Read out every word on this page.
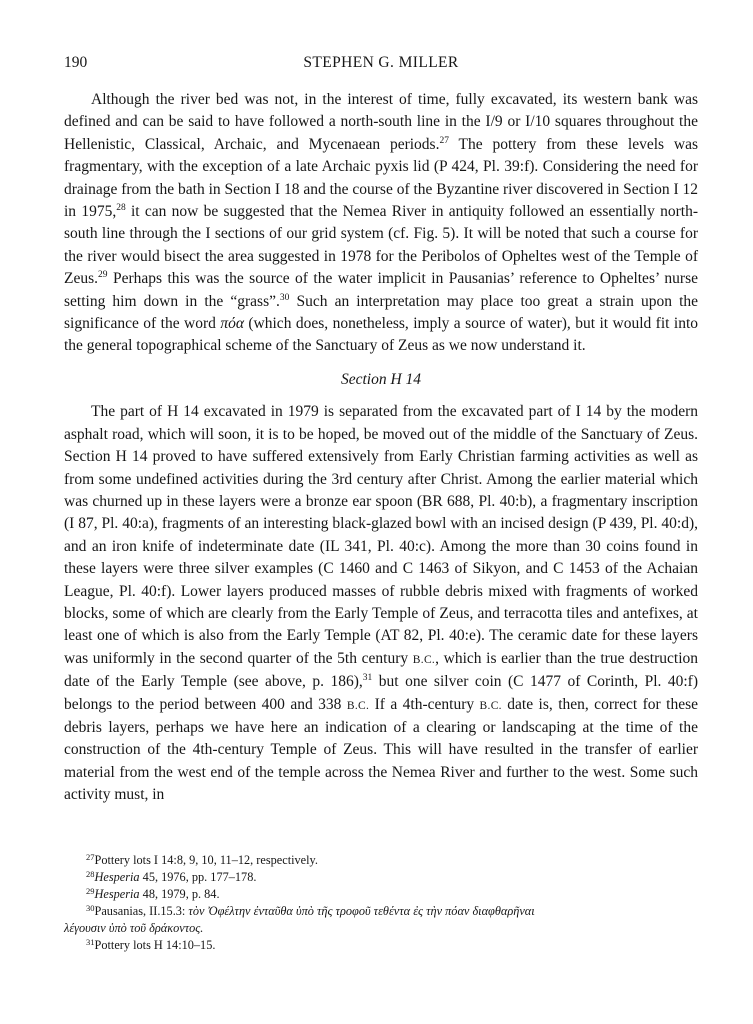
190	STEPHEN G. MILLER

Although the river bed was not, in the interest of time, fully excavated, its western bank was defined and can be said to have followed a north-south line in the I/9 or I/10 squares throughout the Hellenistic, Classical, Archaic, and Mycenaean periods.$^{27}$ The pottery from these levels was fragmentary, with the exception of a late Archaic pyxis lid (P 424, Pl. 39:f). Considering the need for drainage from the bath in Section I 18 and the course of the Byzantine river discovered in Section I 12 in 1975,28 it can now be suggested that the Nemea River in antiquity followed an essentially north-south line through the I sections of our grid system (cf. Fig. 5). It will be noted that such a course for the river would bisect the area suggested in 1978 for the Peribolos of Opheltes west of the Temple of Zeus.$^{29}$ Perhaps this was the source of the water implicit in Pausanias’ reference to Opheltes’ nurse setting him down in the “grass”.$^{30}$ Such an interpretation may place too great a strain upon the significance of the word πόα (which does, nonetheless, imply a source of water), but it would fit into the general topographical scheme of the Sanctuary of Zeus as we now understand it.

Section H 14

The part of H 14 excavated in 1979 is separated from the excavated part of I 14 by the modern asphalt road, which will soon, it is to be hoped, be moved out of the middle of the Sanctuary of Zeus. Section H 14 proved to have suffered extensively from Early Christian farming activities as well as from some undefined activities during the 3rd century after Christ. Among the earlier material which was churned up in these layers were a bronze ear spoon (BR 688, Pl. 40:b), a fragmentary inscription (I 87, Pl. 40:a), fragments of an interesting black-glazed bowl with an incised design (P 439, Pl. 40:d), and an iron knife of indeterminate date (IL 341, Pl. 40:c). Among the more than 30 coins found in these layers were three silver examples (C 1460 and C 1463 of Sikyon, and C 1453 of the Achaian League, Pl. 40:f). Lower layers produced masses of rubble debris mixed with fragments of worked blocks, some of which are clearly from the Early Temple of Zeus, and terracotta tiles and antefixes, at least one of which is also from the Early Temple (AT 82, Pl. 40:e). The ceramic date for these layers was uniformly in the second quarter of the 5th century B.C., which is earlier than the true destruction date of the Early Temple (see above, p. 186),$^{31}$ but one silver coin (C 1477 of Corinth, Pl. 40:f) belongs to the period between 400 and 338 B.C. If a 4th-century B.C. date is, then, correct for these debris layers, perhaps we have here an indication of a clearing or landscaping at the time of the construction of the 4th-century Temple of Zeus. This will have resulted in the transfer of earlier material from the west end of the temple across the Nemea River and further to the west. Some such activity must, in

$^{27}$Pottery lots I 14:8, 9, 10, 11–12, respectively.

$^{28}$Hesperia 45, 1976, pp. 177–178.

$^{29}$Hesperia 48, 1979, p. 84.

$^{30}$Pausanias, II.15.3: τὸν Ὀφέλτην ἐνταῦθα ὑπὸ τῆς τροφοῦ τεθέντα ἐς τὴν πόαν διαφθαρῆναι

λέγουσιν ὑπὸ τοῦ δράκοντος.

$^{31}$Pottery lots H 14:10–15.
